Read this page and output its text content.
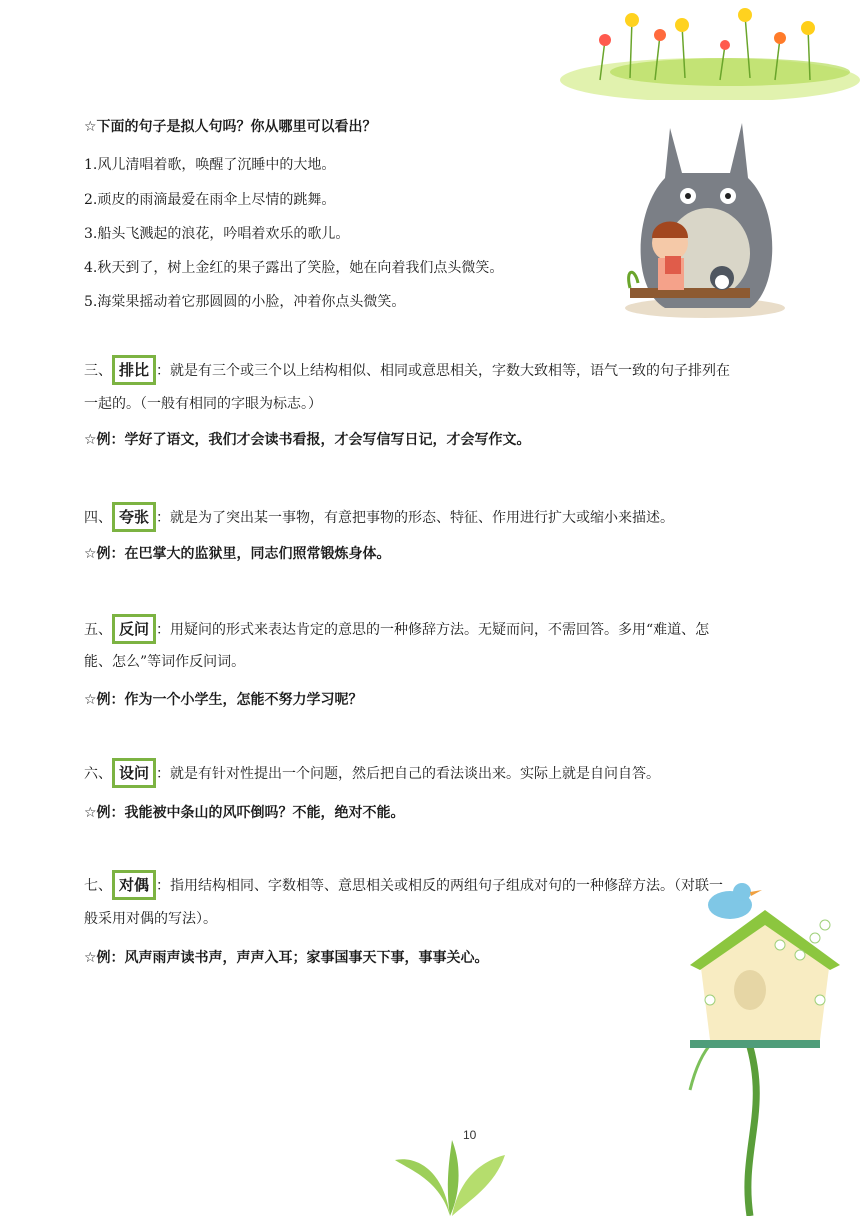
☆下面的句子是拟人句吗？你从哪里可以看出？
1.风儿清唱着歌，唤醒了沉睡中的大地。
2.顽皮的雨滴最爱在雨伞上尽情的跳舞。
3.船头飞溅起的浪花，吟唱着欢乐的歌儿。
4.秋天到了，树上金红的果子露出了笑脸，她在向着我们点头微笑。
5.海棠果摇动着它那圆圆的小脸，冲着你点头微笑。
三、 排比 ：就是有三个或三个以上结构相似、相同或意思相关，字数大致相等，语气一致的句子排列在
一起的。（一般有相同的字眼为标志。）
☆例：学好了语文，我们才会读书看报，才会写信写日记，才会写作文。
四、 夸张 ：就是为了突出某一事物，有意把事物的形态、特征、作用进行扩大或缩小来描述。
☆例：在巴掌大的监狱里，同志们照常锻炼身体。
五、 反问 ：用疑问的形式来表达肯定的意思的一种修辞方法。无疑而问，不需回答。多用“难道、怎
能、怎么”等词作反问词。
☆例：作为一个小学生，怎能不努力学习呢？
六、 设问 ：就是有针对性提出一个问题，然后把自己的看法谈出来。实际上就是自问自答。
☆例：我能被中条山的风吓倒吗？不能，绝对不能。
七、 对偶 ：指用结构相同、字数相等、意思相关或相反的两组句子组成对句的一种修辞方法。（对联一
般采用对偶的写法）。
☆例：风声雨声读书声，声声入耳；家事国事天下事，事事关心。
10
